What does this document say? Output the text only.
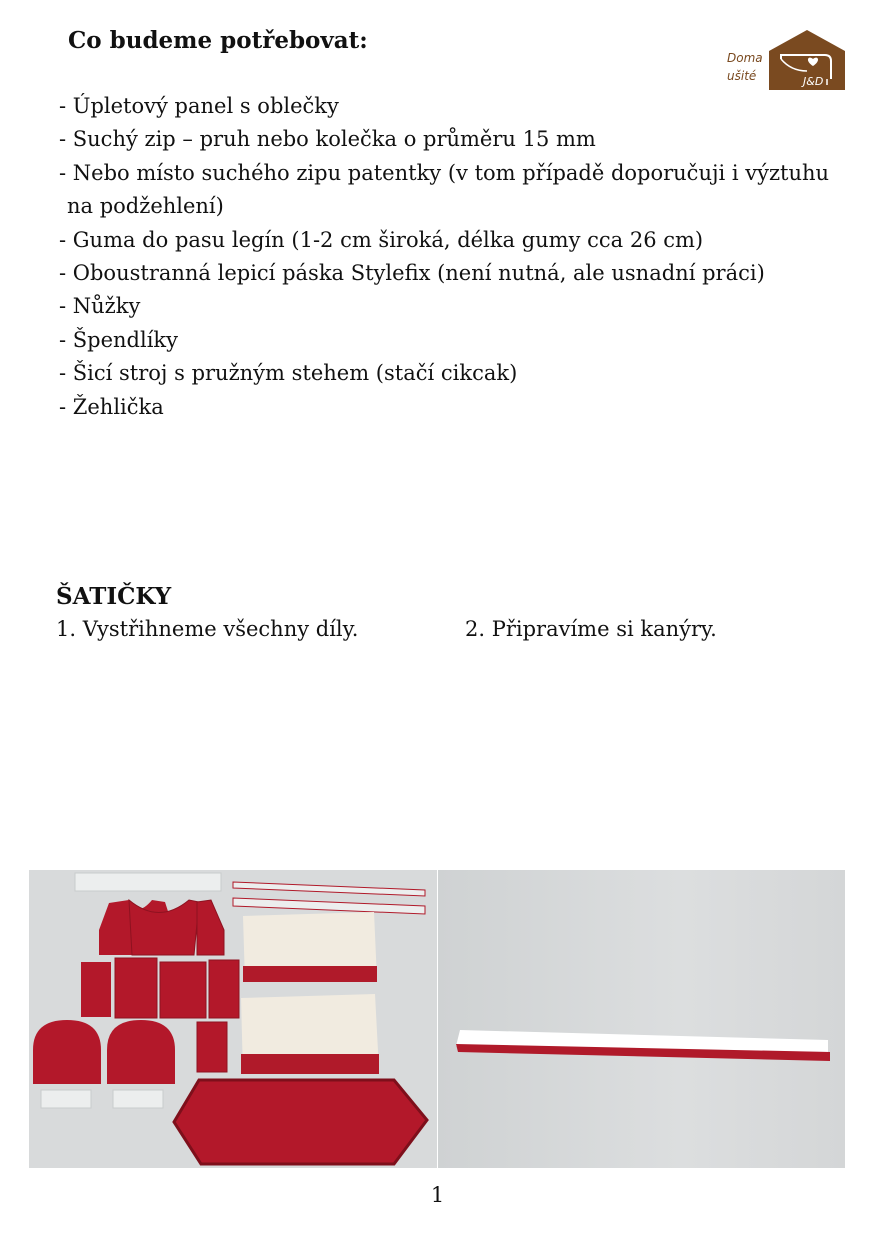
Co budeme potřebovat:
Doma
ušité	J&D
- Úpletový panel s oblečky
- Suchý zip – pruh nebo kolečka o průměru 15 mm
- Nebo místo suchého zipu patentky (v tom případě doporučuji i výztuhu
na podžehlení)
- Guma do pasu legín (1-2 cm široká, délka gumy cca 26 cm)
- Oboustranná lepicí páska Stylefix (není nutná, ale usnadní práci)
- Nůžky
- Špendlíky
- Šicí stroj s pružným stehem (stačí cikcak)
- Žehlička
ŠATIČKY

1. Vystřihneme všechny díly.	2. Připravíme si kanýry.

1
